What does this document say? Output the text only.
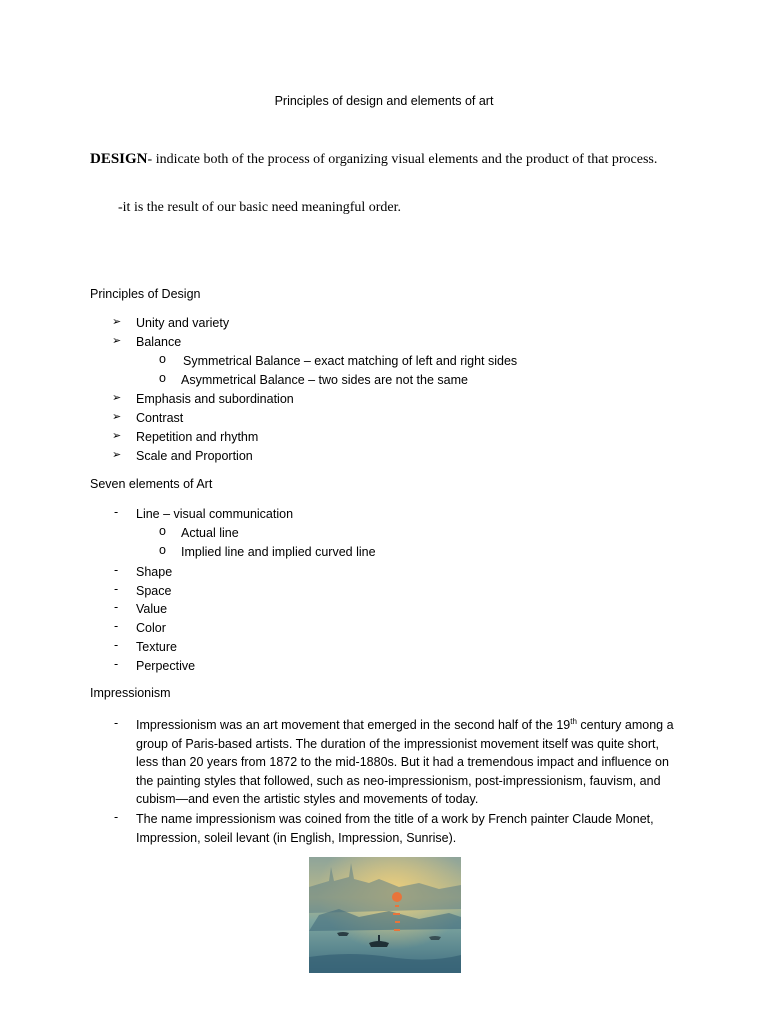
Principles of design and elements of art
DESIGN- indicate both of the process of organizing visual elements and the product of that process.
-it is the result of our basic need meaningful order.
Principles of Design
➢ Unity and variety
➢ Balance
o Symmetrical Balance – exact matching of left and right sides
o Asymmetrical Balance – two sides are not the same
➢ Emphasis and subordination
➢ Contrast
➢ Repetition and rhythm
➢ Scale and Proportion
Seven elements of Art
- Line – visual communication
o Actual line
o Implied line and implied curved line
- Shape
- Space
- Value
- Color
- Texture
- Perpective
Impressionism
- Impressionism was an art movement that emerged in the second half of the 19th century among a group of Paris-based artists. The duration of the impressionist movement itself was quite short, less than 20 years from 1872 to the mid-1880s. But it had a tremendous impact and influence on the painting styles that followed, such as neo-impressionism, post-impressionism, fauvism, and cubism—and even the artistic styles and movements of today.
- The name impressionism was coined from the title of a work by French painter Claude Monet, Impression, soleil levant (in English, Impression, Sunrise).
